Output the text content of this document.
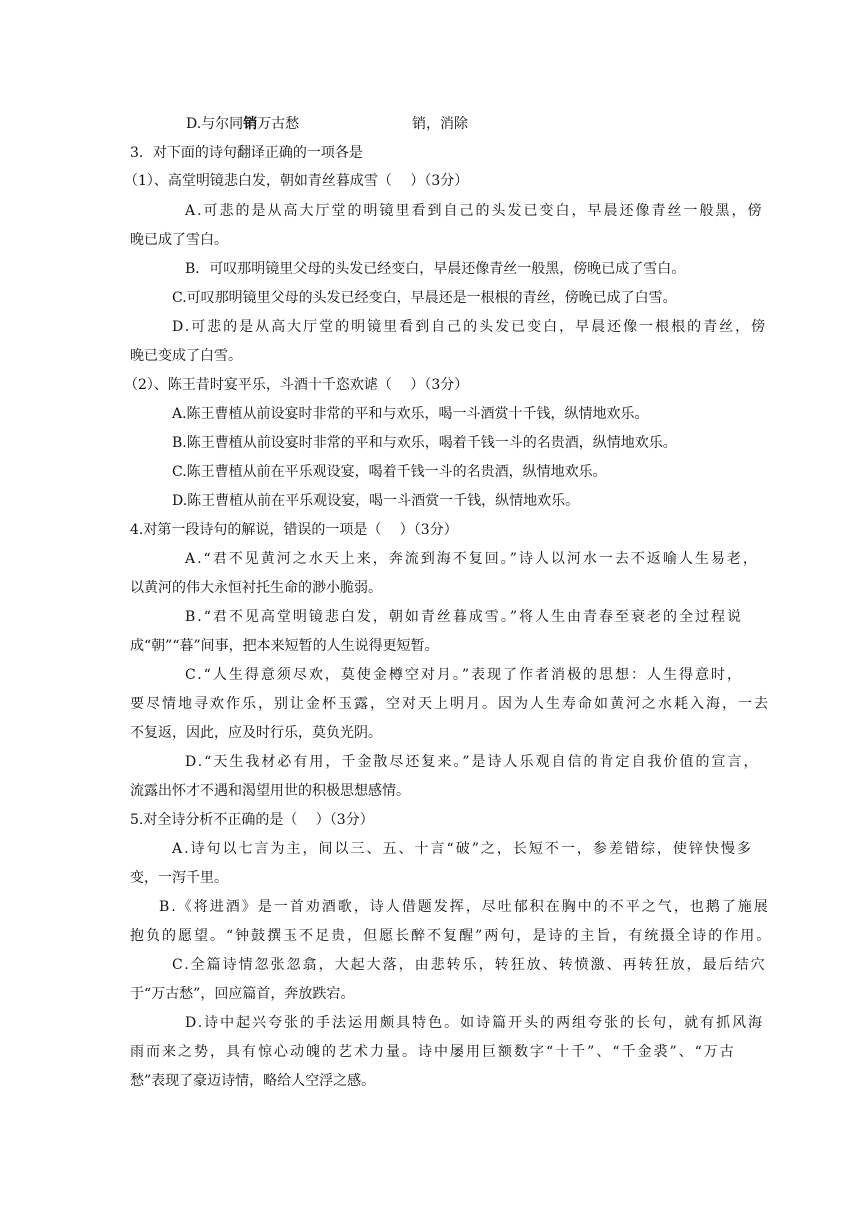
D.与尔同销万古愁	销，消除
3．对下面的诗句翻译正确的一项各是
（1）、高堂明镜悲白发，朝如青丝暮成雪（　 ）（3分）
A.可悲的是从高大厅堂的明镜里看到自己的头发已变白，早晨还像青丝一般黑，傍
晚已成了雪白。
B．可叹那明镜里父母的头发已经变白，早晨还像青丝一般黑，傍晚已成了雪白。
C.可叹那明镜里父母的头发已经变白，早晨还是一根根的青丝，傍晚已成了白雪。
D.可悲的是从高大厅堂的明镜里看到自己的头发已变白，早晨还像一根根的青丝，傍
晚已变成了白雪。
（2）、陈王昔时宴平乐，斗酒十千恣欢谑（　 ）（3分）
A.陈王曹植从前设宴时非常的平和与欢乐，喝一斗酒赏十千钱，纵情地欢乐。
B.陈王曹植从前设宴时非常的平和与欢乐，喝着千钱一斗的名贵酒，纵情地欢乐。
C.陈王曹植从前在平乐观设宴，喝着千钱一斗的名贵酒，纵情地欢乐。
D.陈王曹植从前在平乐观设宴，喝一斗酒赏一千钱，纵情地欢乐。
4.对第一段诗句的解说，错误的一项是（　 ）（3分）
A.“君不见黄河之水天上来，奔流到海不复回。”诗人以河水一去不返喻人生易老，
以黄河的伟大永恒衬托生命的渺小脆弱。
B.“君不见高堂明镜悲白发，朝如青丝暮成雪。”将人生由青春至衰老的全过程说
成“朝”“暮”间事，把本来短暂的人生说得更短暂。
C.“人生得意须尽欢，莫使金樽空对月。”表现了作者消极的思想：人生得意时，
要尽情地寻欢作乐，别让金杯玉露，空对天上明月。因为人生寿命如黄河之水耗入海，一去
不复返，因此，应及时行乐，莫负光阴。
D.“天生我材必有用，千金散尽还复来。”是诗人乐观自信的肯定自我价值的宣言，
流露出怀才不遇和渴望用世的积极思想感情。
5.对全诗分析不正确的是（　 ）（3分）
A.诗句以七言为主，间以三、五、十言“破”之，长短不一，参差错综，使锌快慢多
变，一泻千里。
B.《将进酒》是一首劝酒歌，诗人借题发挥，尽吐郁积在胸中的不平之气，也鹅了施展
抱负的愿望。“钟鼓撰玉不足贵，但愿长醉不复醒”两句，是诗的主旨，有统摄全诗的作用。
C.全篇诗情忽张忽翕，大起大落，由悲转乐，转狂放、转愤激、再转狂放，最后结穴
于“万古愁”，回应篇首，奔放跌宕。
D.诗中起兴夸张的手法运用颇具特色。如诗篇开头的两组夸张的长句，就有抓风海
雨而来之势，具有惊心动魄的艺术力量。诗中屡用巨额数字“十千”、“千金裘”、“万古
愁”表现了豪迈诗情，略给人空浮之感。
